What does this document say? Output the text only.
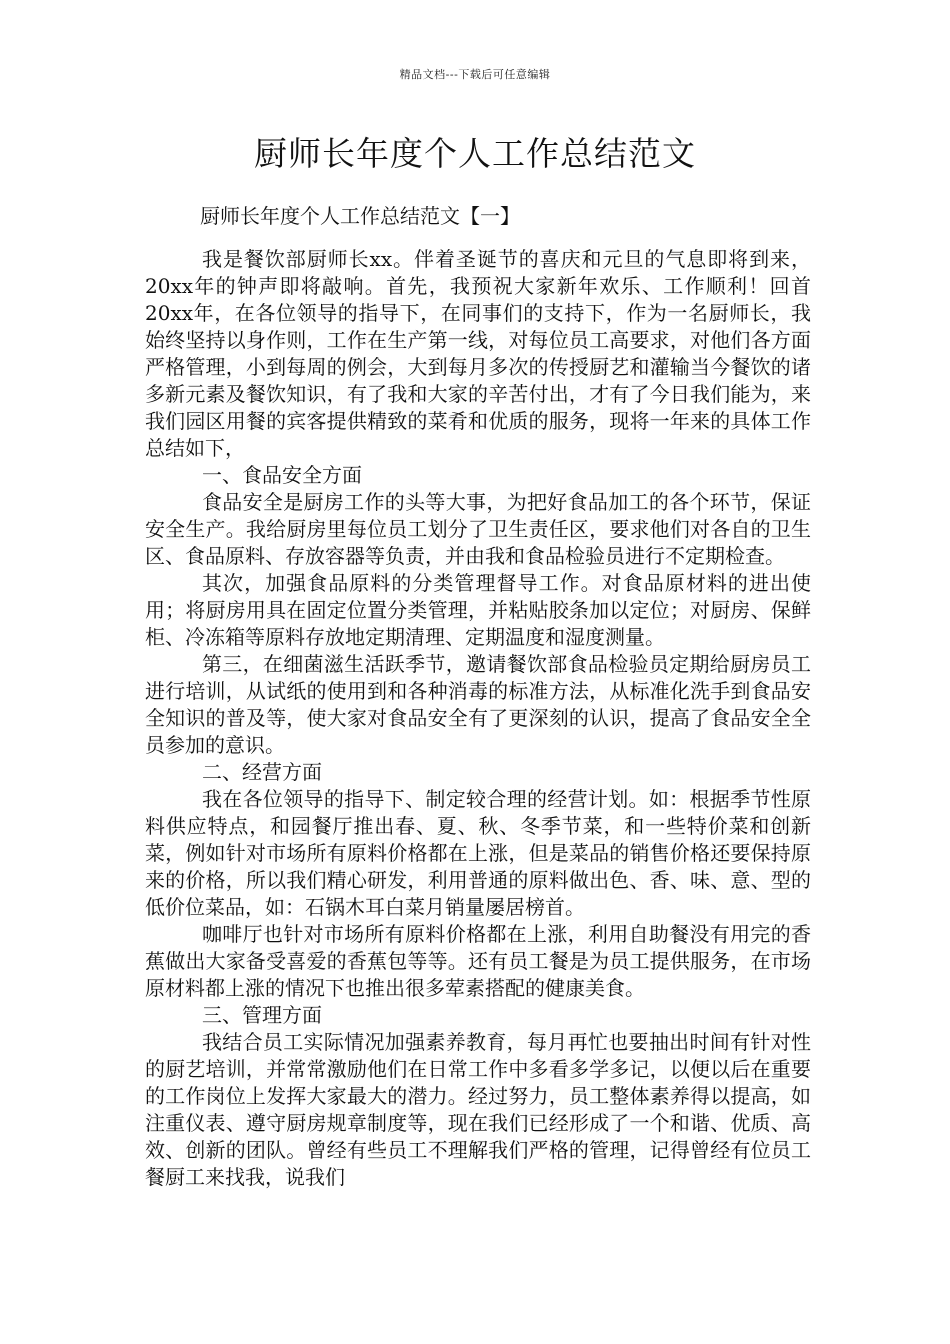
精品文档---下载后可任意编辑
厨师长年度个人工作总结范文

厨师长年度个人工作总结范文【一】

我是餐饮部厨师长xx。伴着圣诞节的喜庆和元旦的气息即将到来，20xx年的钟声即将敲响。首先，我预祝大家新年欢乐、工作顺利！回首20xx年，在各位领导的指导下，在同事们的支持下，作为一名厨师长，我始终坚持以身作则，工作在生产第一线，对每位员工高要求，对他们各方面严格管理，小到每周的例会，大到每月多次的传授厨艺和灌输当今餐饮的诸多新元素及餐饮知识，有了我和大家的辛苦付出，才有了今日我们能为，来我们园区用餐的宾客提供精致的菜肴和优质的服务，现将一年来的具体工作总结如下，

一、食品安全方面

食品安全是厨房工作的头等大事，为把好食品加工的各个环节，保证安全生产。我给厨房里每位员工划分了卫生责任区，要求他们对各自的卫生区、食品原料、存放容器等负责，并由我和食品检验员进行不定期检查。

其次，加强食品原料的分类管理督导工作。对食品原材料的进出使用；将厨房用具在固定位置分类管理，并粘贴胶条加以定位；对厨房、保鲜柜、冷冻箱等原料存放地定期清理、定期温度和湿度测量。

第三，在细菌滋生活跃季节，邀请餐饮部食品检验员定期给厨房员工进行培训，从试纸的使用到和各种消毒的标准方法，从标准化洗手到食品安全知识的普及等，使大家对食品安全有了更深刻的认识，提高了食品安全全员参加的意识。

二、经营方面

我在各位领导的指导下、制定较合理的经营计划。如：根据季节性原料供应特点，和园餐厅推出春、夏、秋、冬季节菜，和一些特价菜和创新菜，例如针对市场所有原料价格都在上涨，但是菜品的销售价格还要保持原来的价格，所以我们精心研发，利用普通的原料做出色、香、味、意、型的低价位菜品，如：石锅木耳白菜月销量屡居榜首。

咖啡厅也针对市场所有原料价格都在上涨，利用自助餐没有用完的香蕉做出大家备受喜爱的香蕉包等等。还有员工餐是为员工提供服务，在市场原材料都上涨的情况下也推出很多荤素搭配的健康美食。

三、管理方面

我结合员工实际情况加强素养教育，每月再忙也要抽出时间有针对性的厨艺培训，并常常激励他们在日常工作中多看多学多记，以便以后在重要的工作岗位上发挥大家最大的潜力。经过努力，员工整体素养得以提高，如注重仪表、遵守厨房规章制度等，现在我们已经形成了一个和谐、优质、高效、创新的团队。曾经有些员工不理解我们严格的管理，记得曾经有位员工餐厨工来找我，说我们
